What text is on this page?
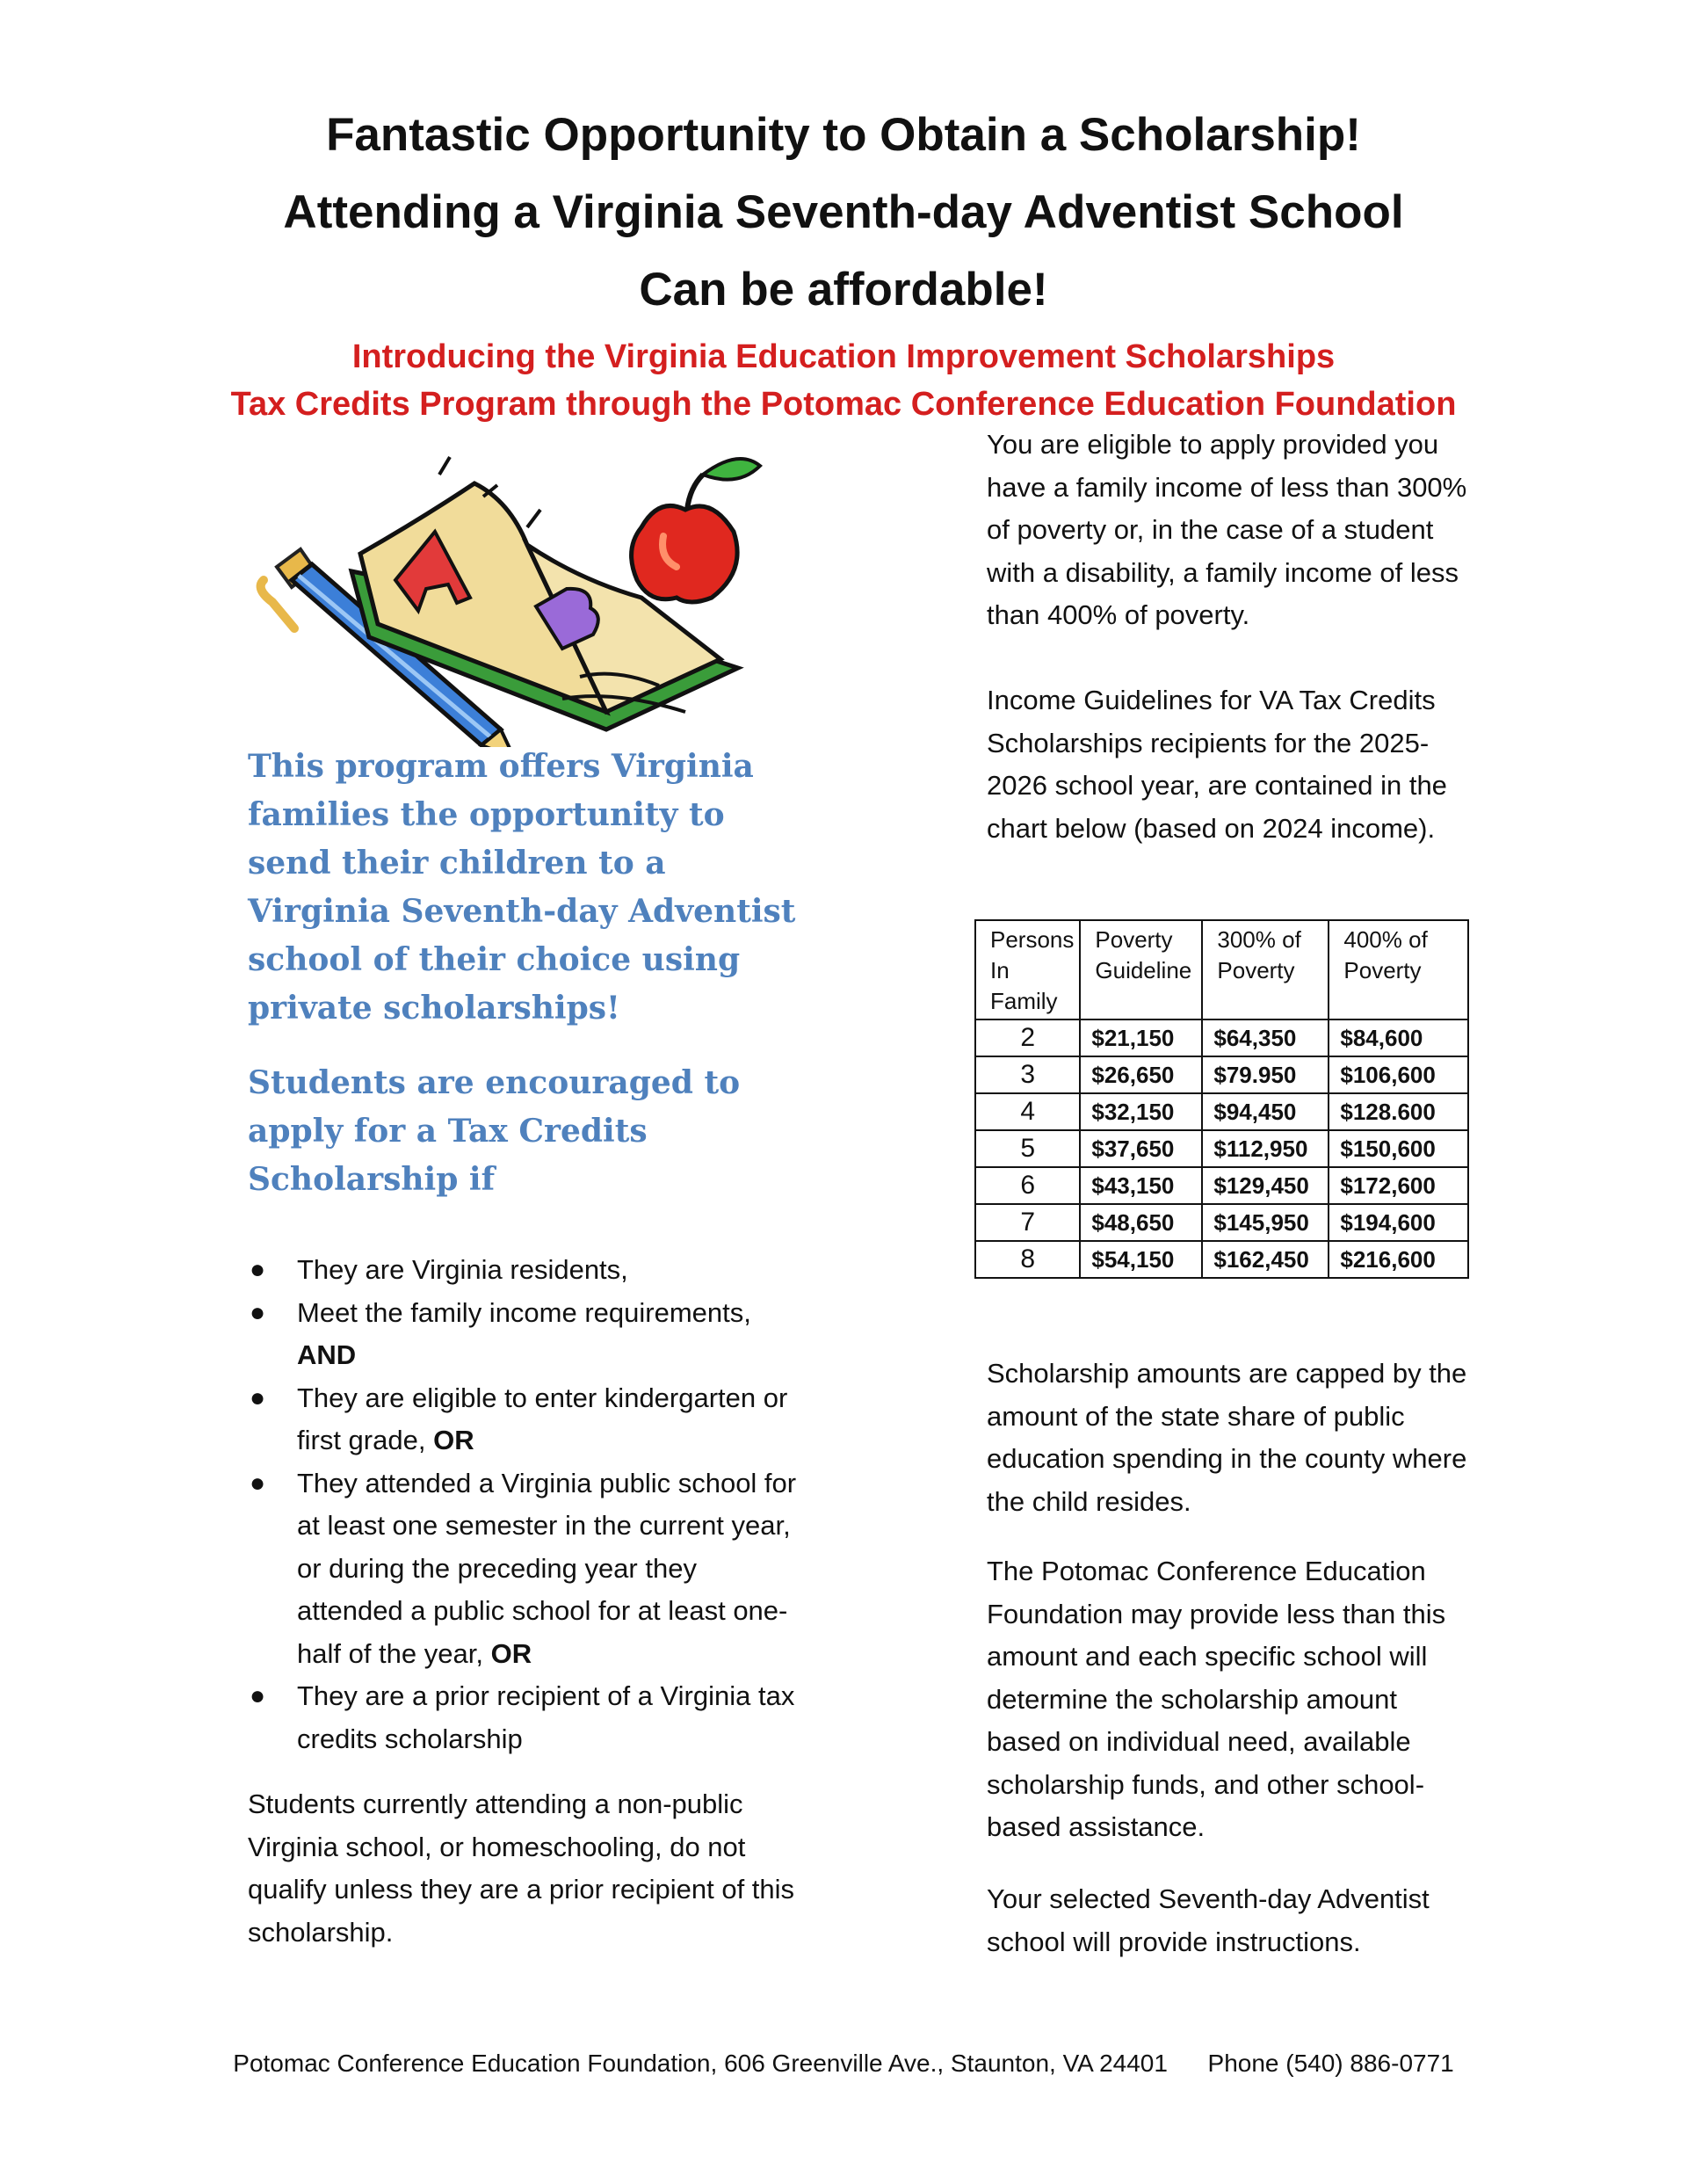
Fantastic Opportunity to Obtain a Scholarship!
Attending a Virginia Seventh-day Adventist School
Can be affordable!
Introducing the Virginia Education Improvement Scholarships
Tax Credits Program through the Potomac Conference Education Foundation

This program offers Virginia families the opportunity to send their children to a Virginia Seventh-day Adventist school of their choice using private scholarships!

Students are encouraged to apply for a Tax Credits Scholarship if

● They are Virginia residents,
● Meet the family income requirements,
AND
● They are eligible to enter kindergarten or first grade, OR
● They attended a Virginia public school for at least one semester in the current year, or during the preceding year they attended a public school for at least one-half of the year, OR
● They are a prior recipient of a Virginia tax credits scholarship

Students currently attending a non-public Virginia school, or homeschooling, do not qualify unless they are a prior recipient of this scholarship.

You are eligible to apply provided you have a family income of less than 300% of poverty or, in the case of a student with a disability, a family income of less than 400% of poverty.

Income Guidelines for VA Tax Credits Scholarships recipients for the 2025-2026 school year, are contained in the chart below (based on 2024 income).

Persons In Family	Poverty Guideline	300% of Poverty	400% of Poverty
2	$21,150	$64,350	$84,600
3	$26,650	$79.950	$106,600
4	$32,150	$94,450	$128.600
5	$37,650	$112,950	$150,600
6	$43,150	$129,450	$172,600
7	$48,650	$145,950	$194,600
8	$54,150	$162,450	$216,600

Scholarship amounts are capped by the amount of the state share of public education spending in the county where the child resides.

The Potomac Conference Education Foundation may provide less than this amount and each specific school will determine the scholarship amount based on individual need, available scholarship funds, and other school-based assistance.

Your selected Seventh-day Adventist school will provide instructions.

Potomac Conference Education Foundation, 606 Greenville Ave., Staunton, VA 24401 Phone (540) 886-0771
